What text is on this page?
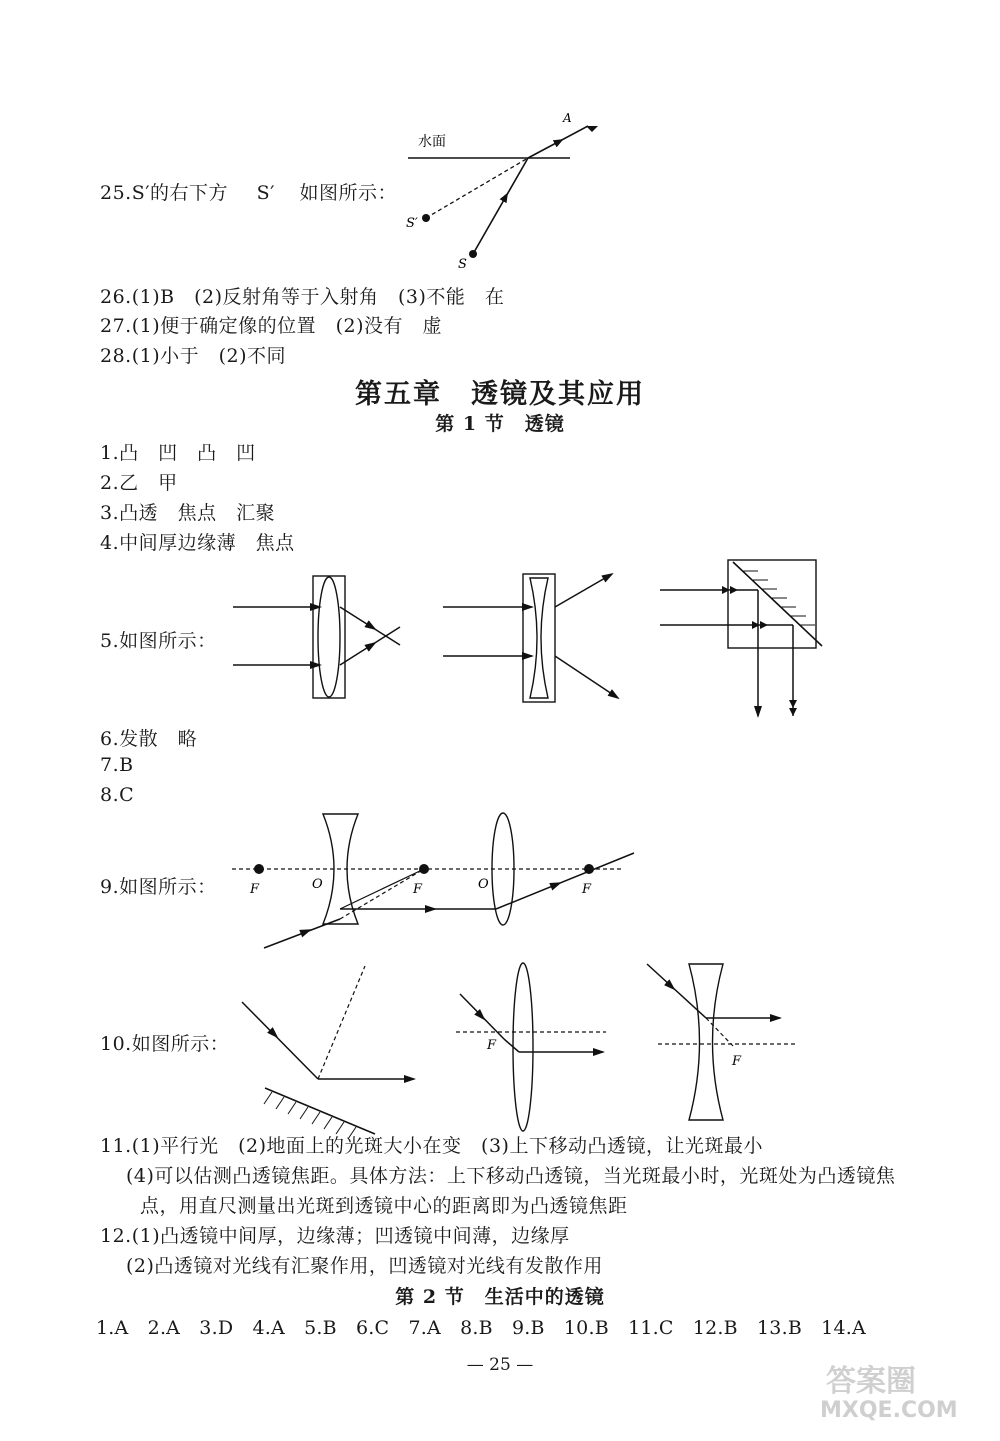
25.S′的右下方 S′ 如图所示：
水面
S′
S
A
26.(1)B　(2)反射角等于入射角　(3)不能　在
27.(1)便于确定像的位置　(2)没有　虚
28.(1)小于　(2)不同
第五章　透镜及其应用
第 1 节　透镜
1.凸　凹　凸　凹
2.乙　甲
3.凸透　焦点　汇聚
4.中间厚边缘薄　焦点
5.如图所示：
6.发散　略
7.B
8.C
9.如图所示：	F	O	F	O	F
10.如图所示：	F
F
11.(1)平行光　(2)地面上的光斑大小在变　(3)上下移动凸透镜，让光斑最小
(4)可以估测凸透镜焦距。具体方法：上下移动凸透镜，当光斑最小时，光斑处为凸透镜焦
点，用直尺测量出光斑到透镜中心的距离即为凸透镜焦距
12.(1)凸透镜中间厚，边缘薄；凹透镜中间薄，边缘厚
(2)凸透镜对光线有汇聚作用，凹透镜对光线有发散作用
第 2 节　生活中的透镜
1.A　2.A　3.D　4.A　5.B　6.C　7.A　8.B　9.B　10.B　11.C　12.B　13.B　14.A
— 25 —	答案圈
MXQE.COM
